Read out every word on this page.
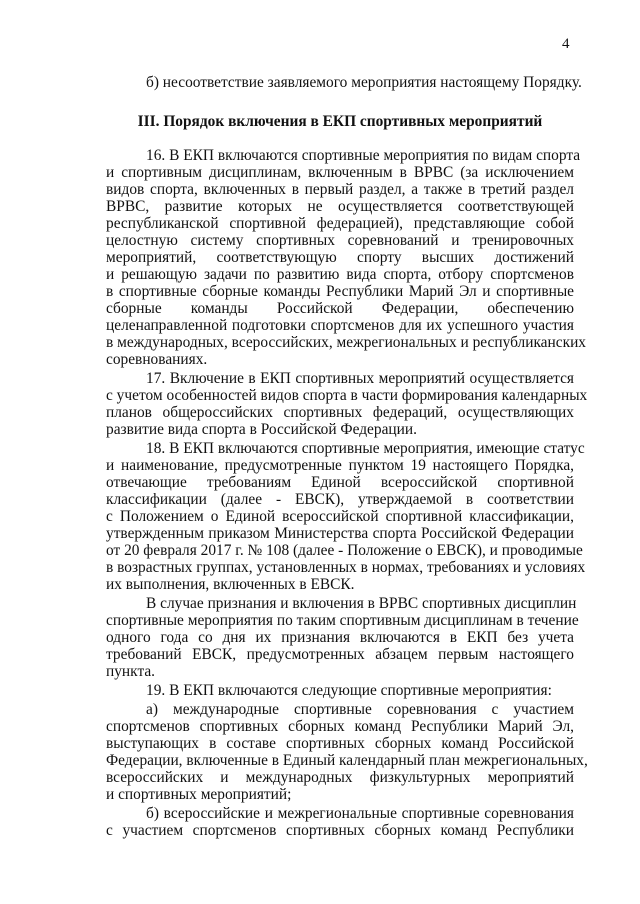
4
б) несоответствие заявляемого мероприятия настоящему Порядку.
III. Порядок включения в ЕКП спортивных мероприятий
16. В ЕКП включаются спортивные мероприятия по видам спорта
и спортивным дисциплинам, включенным в ВРВС (за исключением
видов спорта, включенных в первый раздел, а также в третий раздел
ВРВС, развитие которых не осуществляется соответствующей
республиканской спортивной федерацией), представляющие собой
целостную систему спортивных соревнований и тренировочных
мероприятий, соответствующую спорту высших достижений
и решающую задачи по развитию вида спорта, отбору спортсменов
в спортивные сборные команды Республики Марий Эл и спортивные
сборные команды Российской Федерации, обеспечению
целенаправленной подготовки спортсменов для их успешного участия
в международных, всероссийских, межрегиональных и республиканских
соревнованиях.
17. Включение в ЕКП спортивных мероприятий осуществляется
с учетом особенностей видов спорта в части формирования календарных
планов общероссийских спортивных федераций, осуществляющих
развитие вида спорта в Российской Федерации.
18. В ЕКП включаются спортивные мероприятия, имеющие статус
и наименование, предусмотренные пунктом 19 настоящего Порядка,
отвечающие требованиям Единой всероссийской спортивной
классификации (далее - ЕВСК), утверждаемой в соответствии
с Положением о Единой всероссийской спортивной классификации,
утвержденным приказом Министерства спорта Российской Федерации
от 20 февраля 2017 г. № 108 (далее - Положение о ЕВСК), и проводимые
в возрастных группах, установленных в нормах, требованиях и условиях
их выполнения, включенных в ЕВСК.
В случае признания и включения в ВРВС спортивных дисциплин
спортивные мероприятия по таким спортивным дисциплинам в течение
одного года со дня их признания включаются в ЕКП без учета
требований ЕВСК, предусмотренных абзацем первым настоящего
пункта.
19. В ЕКП включаются следующие спортивные мероприятия:
а) международные спортивные соревнования с участием
спортсменов спортивных сборных команд Республики Марий Эл,
выступающих в составе спортивных сборных команд Российской
Федерации, включенные в Единый календарный план межрегиональных,
всероссийских и международных физкультурных мероприятий
и спортивных мероприятий;
б) всероссийские и межрегиональные спортивные соревнования
с участием спортсменов спортивных сборных команд Республики
